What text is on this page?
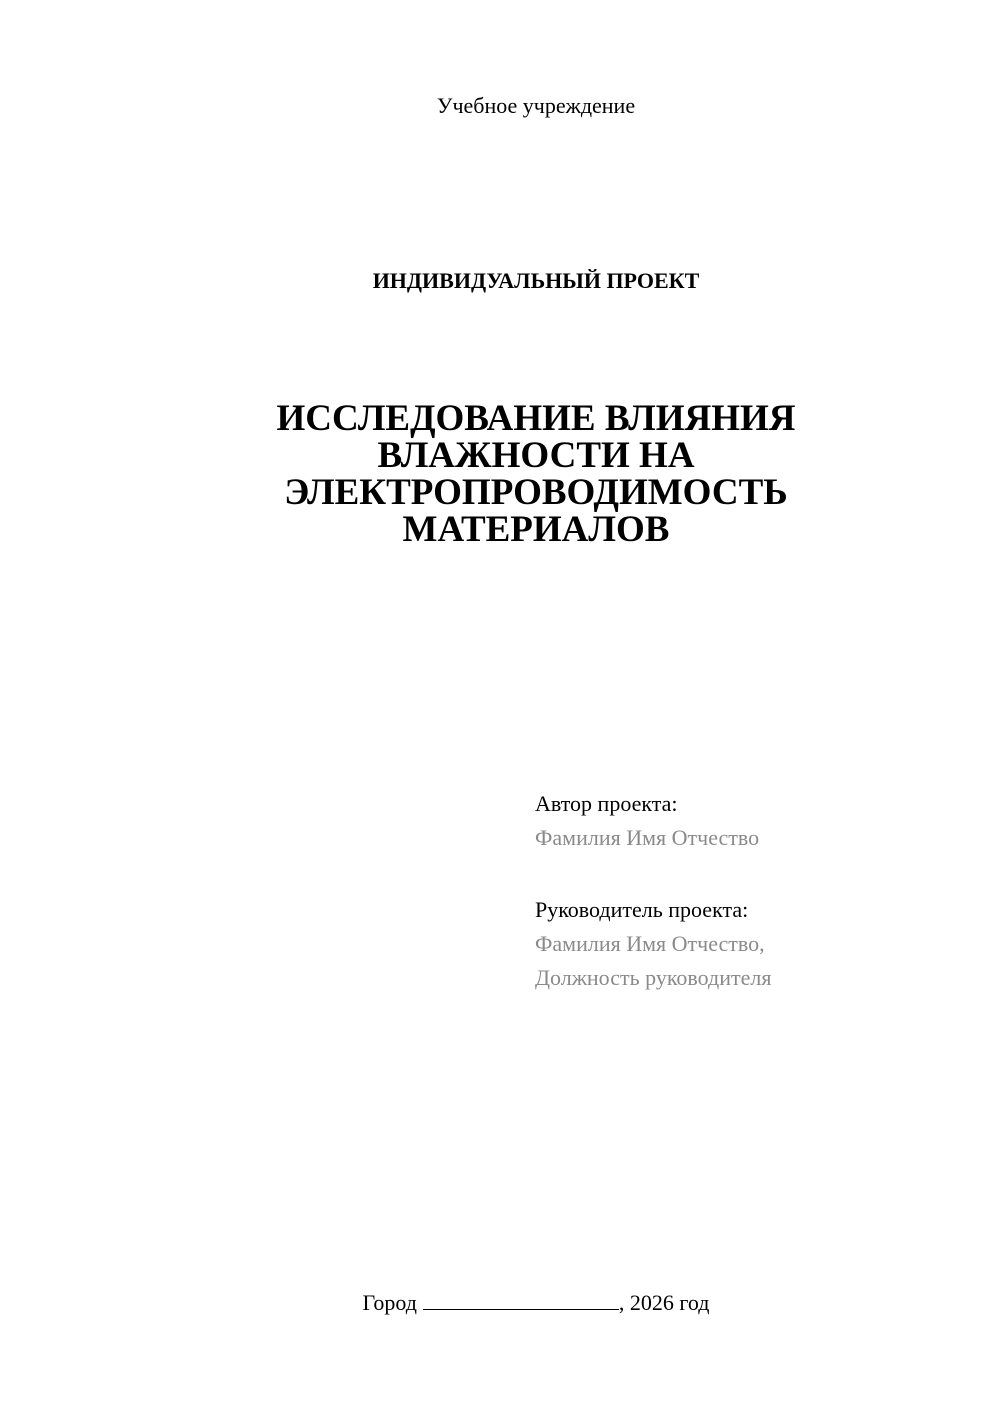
Учебное учреждение
ИНДИВИДУАЛЬНЫЙ ПРОЕКТ
ИССЛЕДОВАНИЕ ВЛИЯНИЯ
ВЛАЖНОСТИ НА
ЭЛЕКТРОПРОВОДИМОСТЬ
МАТЕРИАЛОВ
Автор проекта:
Фамилия Имя Отчество
Руководитель проекта:
Фамилия Имя Отчество,
Должность руководителя
Город	, 2026 год
